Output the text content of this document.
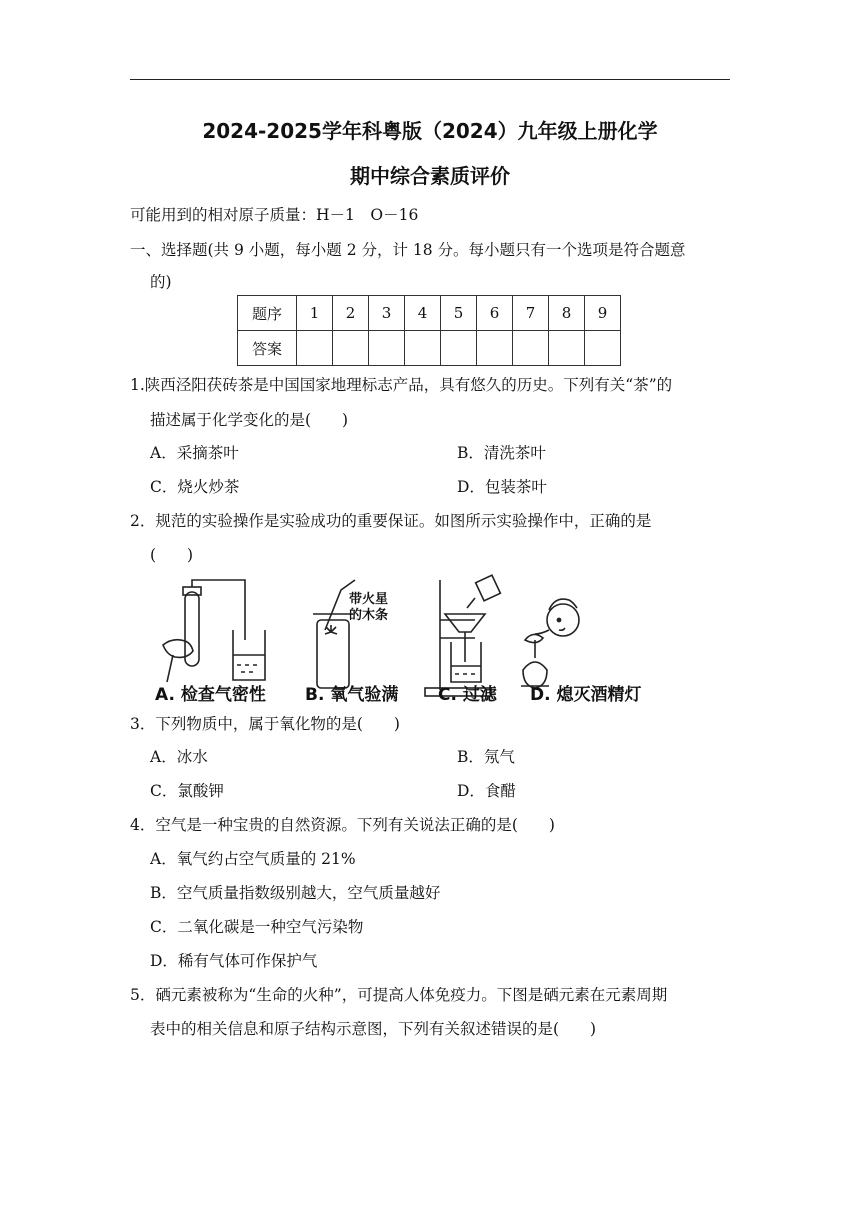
2024-2025学年科粤版（2024）九年级上册化学
期中综合素质评价
可能用到的相对原子质量：H－1　O－16
一、选择题(共 9 小题，每小题 2 分，计 18 分。每小题只有一个选项是符合题意
的)
题序	1	2	3	4	5	6	7	8	9
答案									
1.陕西泾阳茯砖茶是中国国家地理标志产品，具有悠久的历史。下列有关“茶”的
描述属于化学变化的是(　　)
A．采摘茶叶	B．清洗茶叶
C．烧火炒茶	D．包装茶叶
2．规范的实验操作是实验成功的重要保证。如图所示实验操作中，正确的是
(　　)
带火星
的木条
A. 检查气密性 B. 氧气验满 C. 过滤 D. 熄灭酒精灯
3．下列物质中，属于氧化物的是(　　)
A．冰水	B．氖气
C．氯酸钾	D．食醋
4．空气是一种宝贵的自然资源。下列有关说法正确的是(　　)
A．氧气约占空气质量的 21%
B．空气质量指数级别越大，空气质量越好
C．二氧化碳是一种空气污染物
D．稀有气体可作保护气
5．硒元素被称为“生命的火种”，可提高人体免疫力。下图是硒元素在元素周期
表中的相关信息和原子结构示意图，下列有关叙述错误的是(　　)
